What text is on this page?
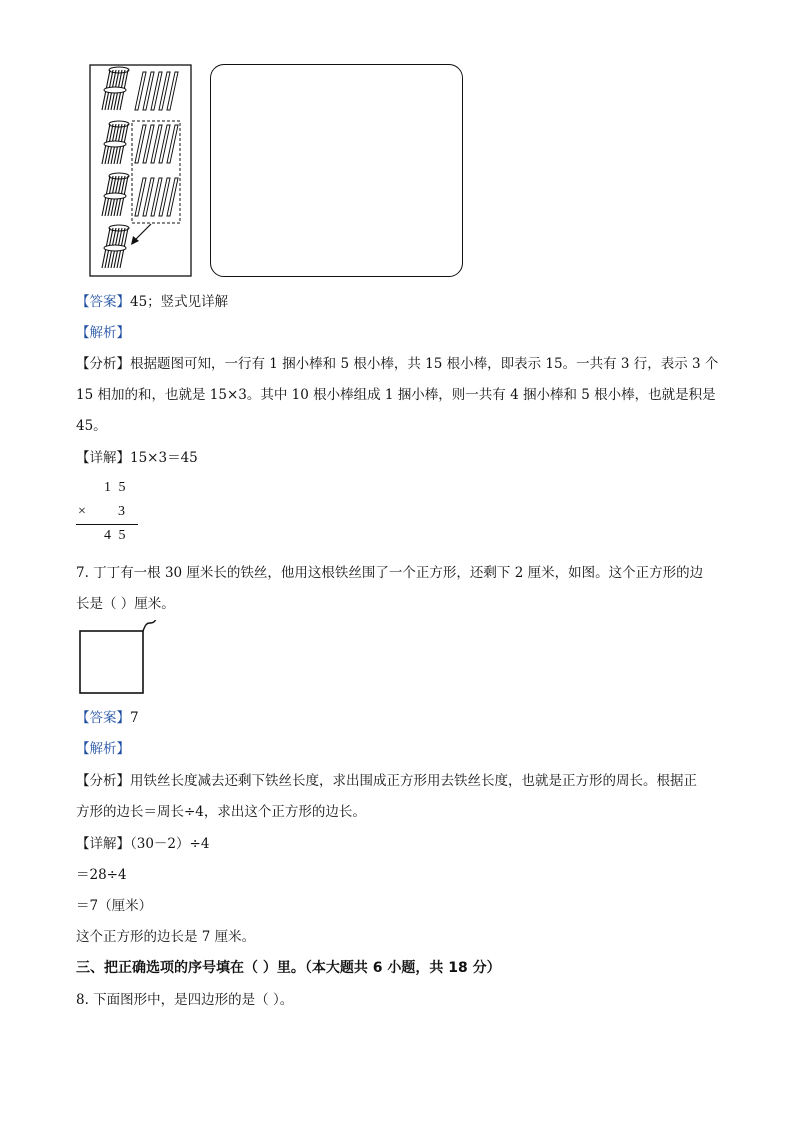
【答案】45；竖式见详解
【解析】
【分析】根据题图可知，一行有 1 捆小棒和 5 根小棒，共 15 根小棒，即表示 15。一共有 3 行，表示 3 个
15 相加的和，也就是 15×3。其中 10 根小棒组成 1 捆小棒，则一共有 4 捆小棒和 5 根小棒，也就是积是
45。
【详解】15×3＝45
1 5
× 3
4 5
7. 丁丁有一根 30 厘米长的铁丝，他用这根铁丝围了一个正方形，还剩下 2 厘米，如图。这个正方形的边
长是（ ）厘米。
【答案】7
【解析】
【分析】用铁丝长度减去还剩下铁丝长度，求出围成正方形用去铁丝长度，也就是正方形的周长。根据正
方形的边长＝周长÷4，求出这个正方形的边长。
【详解】（30－2）÷4
＝28÷4
＝7（厘米）
这个正方形的边长是 7 厘米。
三、把正确选项的序号填在（ ）里。（本大题共 6 小题，共 18 分）
8. 下面图形中，是四边形的是（ ）。
